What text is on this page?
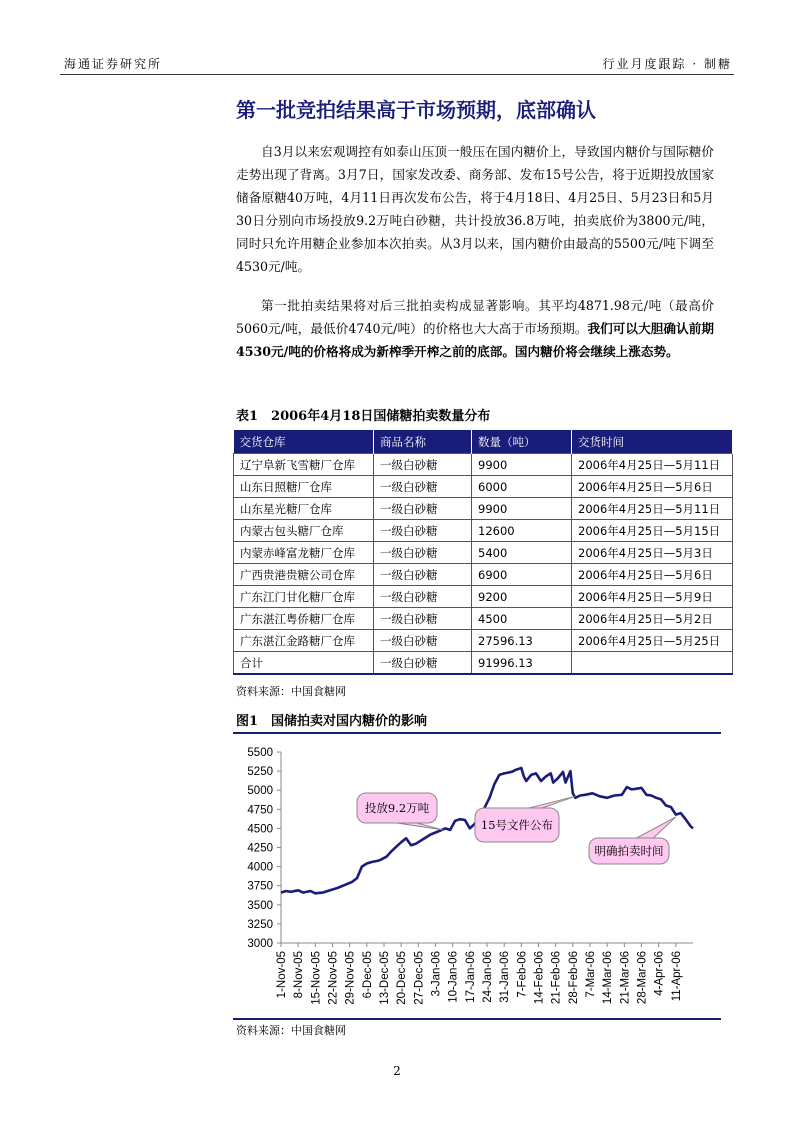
海通证券研究所	行业月度跟踪 · 制糖
第一批竞拍结果高于市场预期，底部确认
自3月以来宏观调控有如泰山压顶一般压在国内糖价上，导致国内糖价与国际糖价走势出现了背离。3月7日，国家发改委、商务部、发布15号公告，将于近期投放国家储备原糖40万吨，4月11日再次发布公告，将于4月18日、4月25日、5月23日和5月30日分别向市场投放9.2万吨白砂糖，共计投放36.8万吨，拍卖底价为3800元/吨，同时只允许用糖企业参加本次拍卖。从3月以来，国内糖价由最高的5500元/吨下调至4530元/吨。
第一批拍卖结果将对后三批拍卖构成显著影响。其平均4871.98元/吨（最高价5060元/吨，最低价4740元/吨）的价格也大大高于市场预期。我们可以大胆确认前期4530元/吨的价格将成为新榨季开榨之前的底部。国内糖价将会继续上涨态势。
表1　2006年4月18日国储糖拍卖数量分布
交货仓库	商品名称	数量（吨）	交货时间
辽宁阜新飞雪糖厂仓库	一级白砂糖	9900	2006年4月25日—5月11日
山东日照糖厂仓库	一级白砂糖	6000	2006年4月25日—5月6日
山东星光糖厂仓库	一级白砂糖	9900	2006年4月25日—5月11日
内蒙古包头糖厂仓库	一级白砂糖	12600	2006年4月25日—5月15日
内蒙赤峰富龙糖厂仓库	一级白砂糖	5400	2006年4月25日—5月3日
广西贵港贵糖公司仓库	一级白砂糖	6900	2006年4月25日—5月6日
广东江门甘化糖厂仓库	一级白砂糖	9200	2006年4月25日—5月9日
广东湛江粤侨糖厂仓库	一级白砂糖	4500	2006年4月25日—5月2日
广东湛江金路糖厂仓库	一级白砂糖	27596.13	2006年4月25日—5月25日
合计	一级白砂糖	91996.13	
资料来源：中国食糖网
图1　国储拍卖对国内糖价的影响
3000
3250
3500
3750
4000
4250
4500
4750
5000
5250
5500
1-Nov-05 8-Nov-05 15-Nov-05 22-Nov-05 29-Nov-05 6-Dec-05 13-Dec-05 20-Dec-05 27-Dec-05 3-Jan-06 10-Jan-06 17-Jan-06 24-Jan-06 31-Jan-06 7-Feb-06 14-Feb-06 21-Feb-06 28-Feb-06 7-Mar-06 14-Mar-06 21-Mar-06 28-Mar-06 4-Apr-06 11-Apr-06
投放9.2万吨
15号文件公布
明确拍卖时间
资料来源：中国食糖网
2
